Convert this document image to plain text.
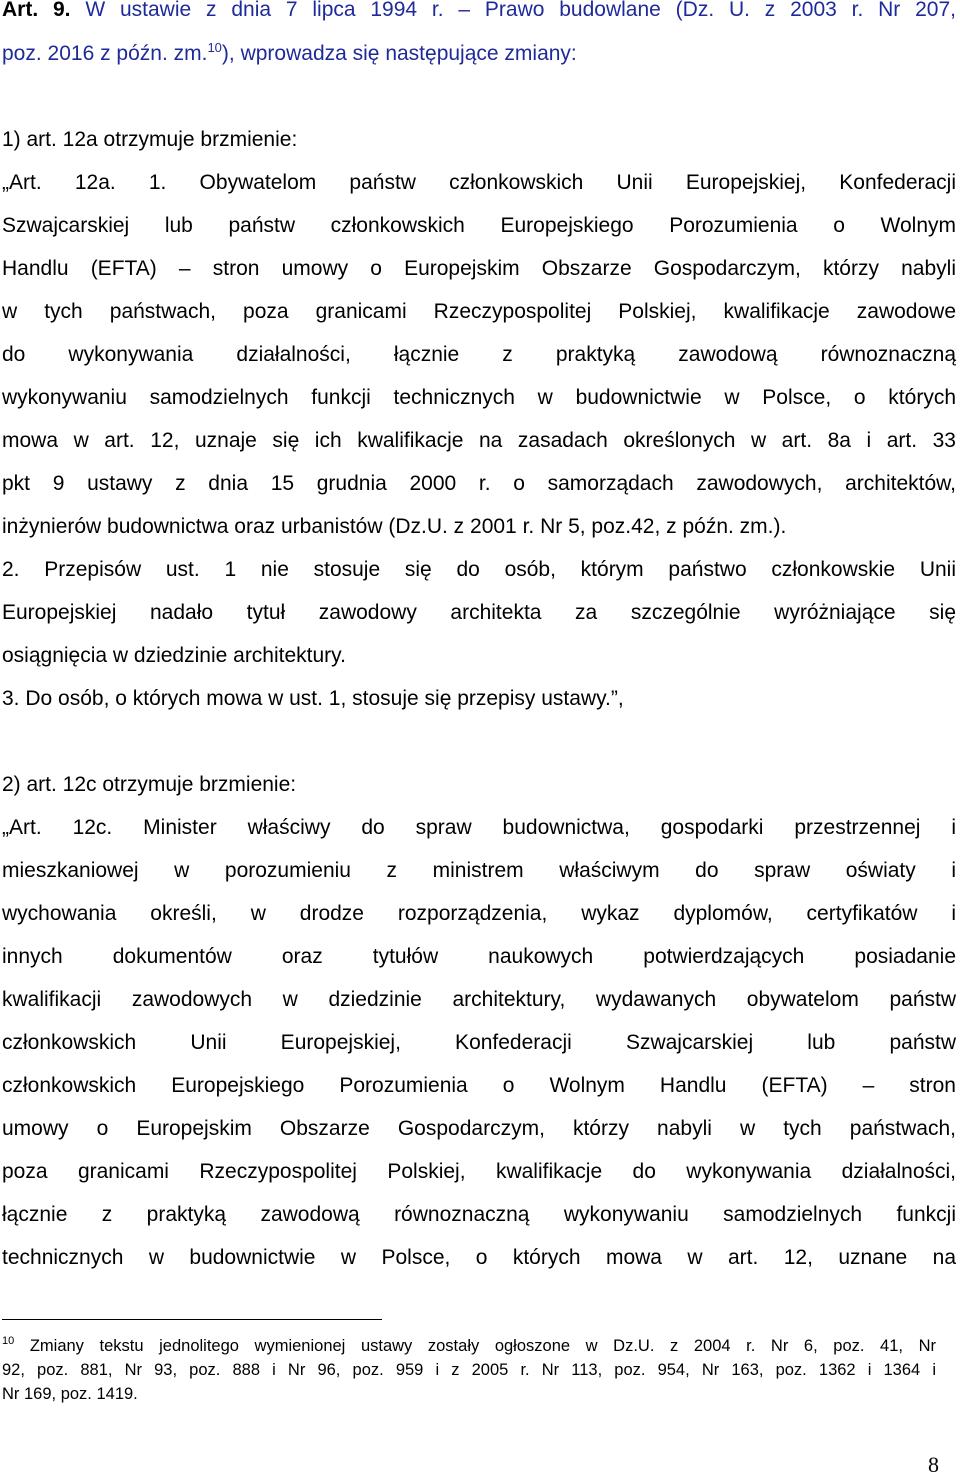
Art. 9. W ustawie z dnia 7 lipca 1994 r. – Prawo budowlane (Dz. U. z 2003 r. Nr 207,
poz. 2016 z późn. zm.$^{10}$), wprowadza się następujące zmiany:
1) art. 12a otrzymuje brzmienie:
„Art. 12a. 1. Obywatelom państw członkowskich Unii Europejskiej, Konfederacji
Szwajcarskiej lub państw członkowskich Europejskiego Porozumienia o Wolnym
Handlu (EFTA) – stron umowy o Europejskim Obszarze Gospodarczym, którzy nabyli
w tych państwach, poza granicami Rzeczypospolitej Polskiej, kwalifikacje zawodowe
do wykonywania działalności, łącznie z praktyką zawodową równoznaczną
wykonywaniu samodzielnych funkcji technicznych w budownictwie w Polsce, o których
mowa w art. 12, uznaje się ich kwalifikacje na zasadach określonych w art. 8a i art. 33
pkt 9 ustawy z dnia 15 grudnia 2000 r. o samorządach zawodowych, architektów,
inżynierów budownictwa oraz urbanistów (Dz.U. z 2001 r. Nr 5, poz.42, z późn. zm.).
2. Przepisów ust. 1 nie stosuje się do osób, którym państwo członkowskie Unii
Europejskiej nadało tytuł zawodowy architekta za szczególnie wyróżniające się
osiągnięcia w dziedzinie architektury.
3. Do osób, o których mowa w ust. 1, stosuje się przepisy ustawy.”,
2) art. 12c otrzymuje brzmienie:
„Art. 12c. Minister właściwy do spraw budownictwa, gospodarki przestrzennej i
mieszkaniowej w porozumieniu z ministrem właściwym do spraw oświaty i
wychowania określi, w drodze rozporządzenia, wykaz dyplomów, certyfikatów i
innych dokumentów oraz tytułów naukowych potwierdzających posiadanie
kwalifikacji zawodowych w dziedzinie architektury, wydawanych obywatelom państw
członkowskich Unii Europejskiej, Konfederacji Szwajcarskiej lub państw
członkowskich Europejskiego Porozumienia o Wolnym Handlu (EFTA) – stron
umowy o Europejskim Obszarze Gospodarczym, którzy nabyli w tych państwach,
poza granicami Rzeczypospolitej Polskiej, kwalifikacje do wykonywania działalności,
łącznie z praktyką zawodową równoznaczną wykonywaniu samodzielnych funkcji
technicznych w budownictwie w Polsce, o których mowa w art. 12, uznane na
$^{10}$ Zmiany tekstu jednolitego wymienionej ustawy zostały ogłoszone w Dz.U. z 2004 r. Nr 6, poz. 41, Nr
92, poz. 881, Nr 93, poz. 888 i Nr 96, poz. 959 i z 2005 r. Nr 113, poz. 954, Nr 163, poz. 1362 i 1364 i
Nr 169, poz. 1419.
8
